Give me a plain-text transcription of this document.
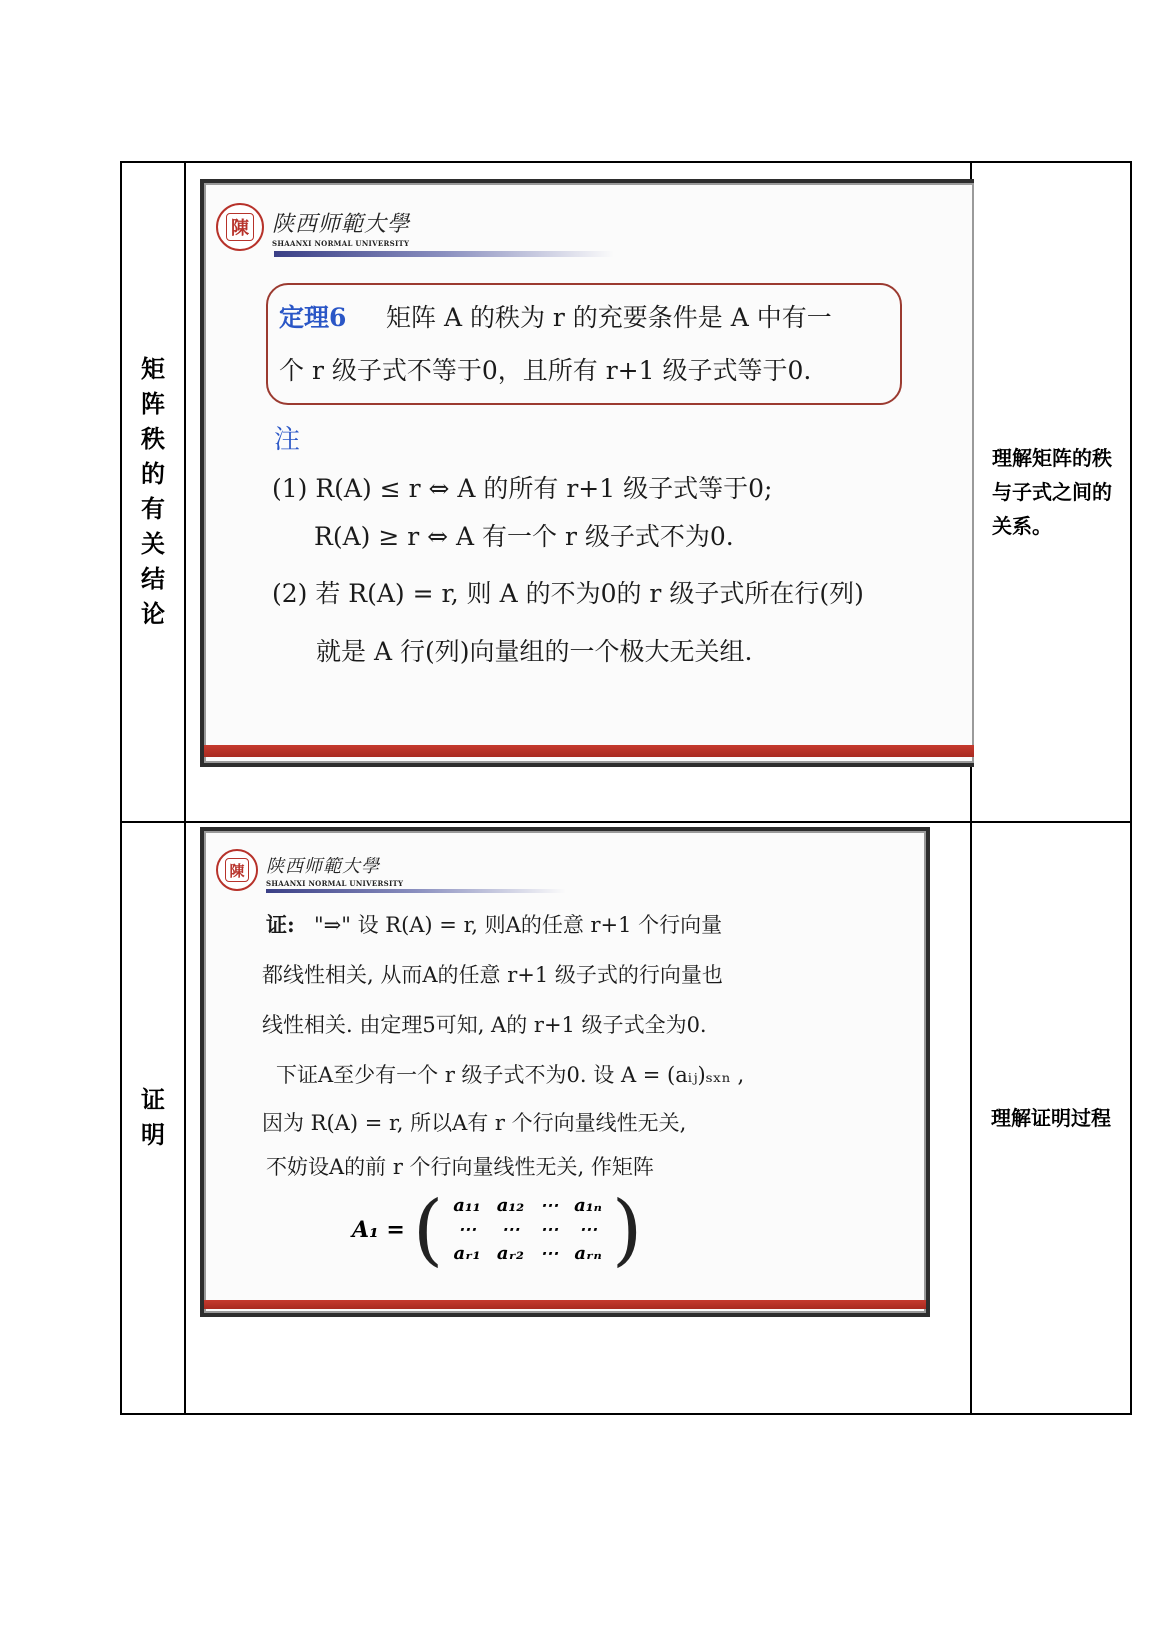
矩
阵
秩
的
有
关
结
论

陳 陕西师範大學
SHAANXI NORMAL UNIVERSITY
定理6 矩阵 A 的秩为 r 的充要条件是 A 中有一
个 r 级子式不等于0，且所有 r+1 级子式等于0.
注
(1) R(A) ≤ r ⇔ A 的所有 r+1 级子式等于0;
R(A) ≥ r ⇔ A 有一个 r 级子式不为0.
(2) 若 R(A) = r, 则 A 的不为0的 r 级子式所在行(列)
就是 A 行(列)向量组的一个极大无关组.

理解矩阵的秩与子式之间的关系。

证
明

陳 陕西师範大學
SHAANXI NORMAL UNIVERSITY
证: "⇒" 设 R(A) = r, 则A的任意 r+1 个行向量
都线性相关, 从而A的任意 r+1 级子式的行向量也
线性相关. 由定理5可知, A的 r+1 级子式全为0.
下证A至少有一个 r 级子式不为0. 设 A = (aᵢⱼ)ₛₓₙ ,
因为 R(A) = r, 所以A有 r 个行向量线性无关,
不妨设A的前 r 个行向量线性无关, 作矩阵
A₁ = ( a₁₁	a₁₂	⋯	a₁ₙ
⋯	⋯	⋯	⋯
aᵣ₁	aᵣ₂	⋯	aᵣₙ )

理解证明过程
